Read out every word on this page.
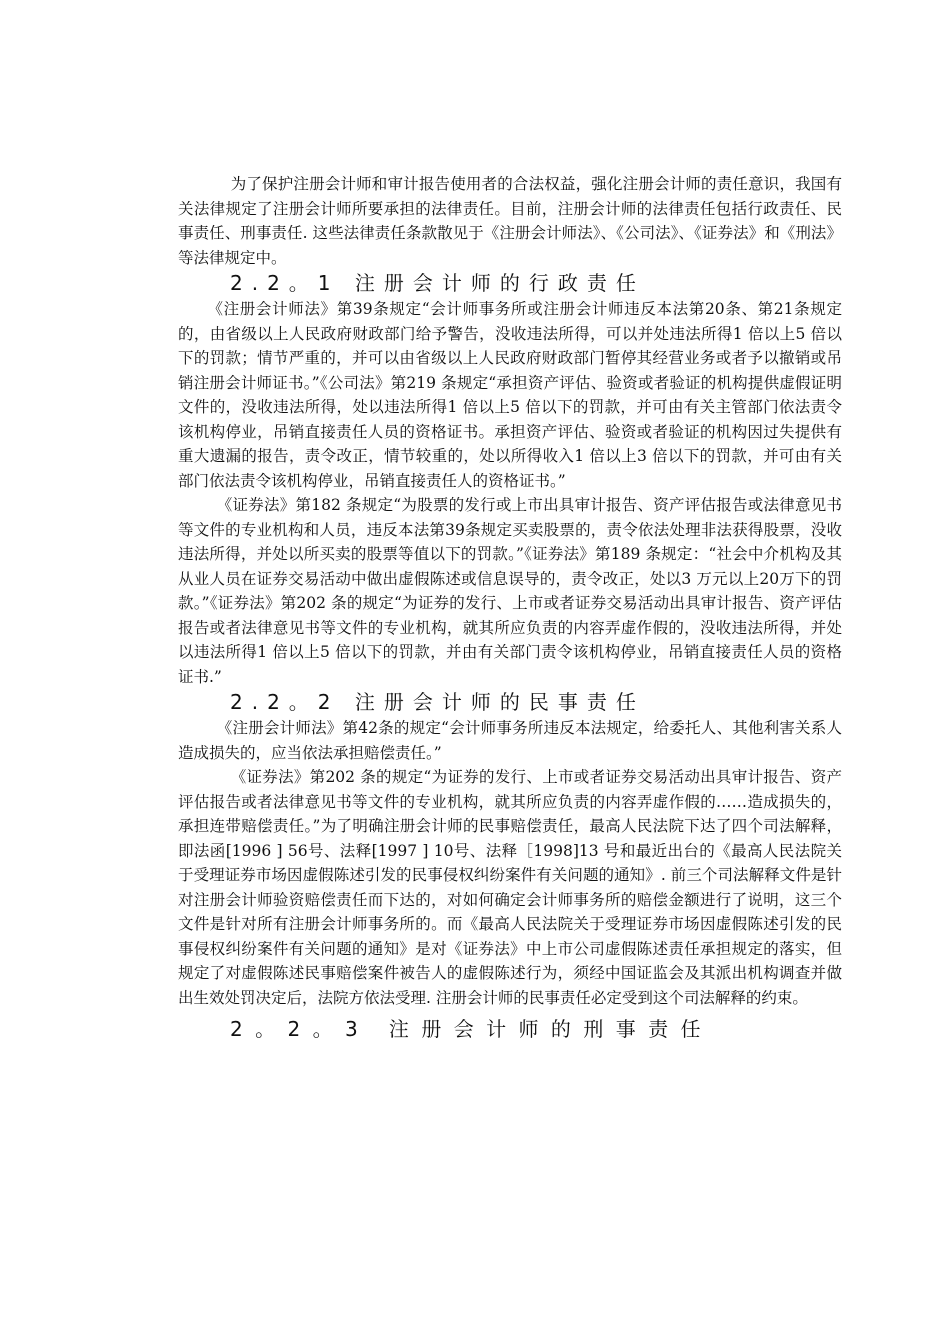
为了保护注册会计师和审计报告使用者的合法权益，强化注册会计师的责任意识，我国有关法律规定了注册会计师所要承担的法律责任。目前，注册会计师的法律责任包括行政责任、民事责任、刑事责任. 这些法律责任条款散见于《注册会计师法》、《公司法》、《证券法》和《刑法》等法律规定中。

2.2。1 注册会计师的行政责任

《注册会计师法》第39条规定“会计师事务所或注册会计师违反本法第20条、第21条规定的，由省级以上人民政府财政部门给予警告，没收违法所得，可以并处违法所得1 倍以上5 倍以下的罚款；情节严重的，并可以由省级以上人民政府财政部门暂停其经营业务或者予以撤销或吊销注册会计师证书。”《公司法》第219 条规定“承担资产评估、验资或者验证的机构提供虚假证明文件的，没收违法所得，处以违法所得1 倍以上5 倍以下的罚款，并可由有关主管部门依法责令该机构停业，吊销直接责任人员的资格证书。承担资产评估、验资或者验证的机构因过失提供有重大遗漏的报告，责令改正，情节较重的，处以所得收入1 倍以上3 倍以下的罚款，并可由有关部门依法责令该机构停业，吊销直接责任人的资格证书。”

《证券法》第182 条规定“为股票的发行或上市出具审计报告、资产评估报告或法律意见书等文件的专业机构和人员，违反本法第39条规定买卖股票的，责令依法处理非法获得股票，没收违法所得，并处以所买卖的股票等值以下的罚款。”《证券法》第189 条规定：“社会中介机构及其从业人员在证券交易活动中做出虚假陈述或信息误导的，责令改正，处以3 万元以上20万下的罚款。”《证券法》第202 条的规定“为证券的发行、上市或者证券交易活动出具审计报告、资产评估报告或者法律意见书等文件的专业机构，就其所应负责的内容弄虚作假的，没收违法所得，并处以违法所得1 倍以上5 倍以下的罚款，并由有关部门责令该机构停业，吊销直接责任人员的资格证书.”

2.2。2 注册会计师的民事责任

《注册会计师法》第42条的规定“会计师事务所违反本法规定，给委托人、其他利害关系人造成损失的，应当依法承担赔偿责任。”

《证券法》第202 条的规定“为证券的发行、上市或者证券交易活动出具审计报告、资产评估报告或者法律意见书等文件的专业机构，就其所应负责的内容弄虚作假的……造成损失的，承担连带赔偿责任。”为了明确注册会计师的民事赔偿责任，最高人民法院下达了四个司法解释，即法函[1996 ] 56号、法释[1997 ] 10号、法释［1998]13 号和最近出台的《最高人民法院关于受理证券市场因虚假陈述引发的民事侵权纠纷案件有关问题的通知》. 前三个司法解释文件是针对注册会计师验资赔偿责任而下达的，对如何确定会计师事务所的赔偿金额进行了说明，这三个文件是针对所有注册会计师事务所的。而《最高人民法院关于受理证券市场因虚假陈述引发的民事侵权纠纷案件有关问题的通知》是对《证券法》中上市公司虚假陈述责任承担规定的落实，但规定了对虚假陈述民事赔偿案件被告人的虚假陈述行为，须经中国证监会及其派出机构调查并做出生效处罚决定后，法院方依法受理. 注册会计师的民事责任必定受到这个司法解释的约束。

2。2。3 注册会计师的刑事责任
